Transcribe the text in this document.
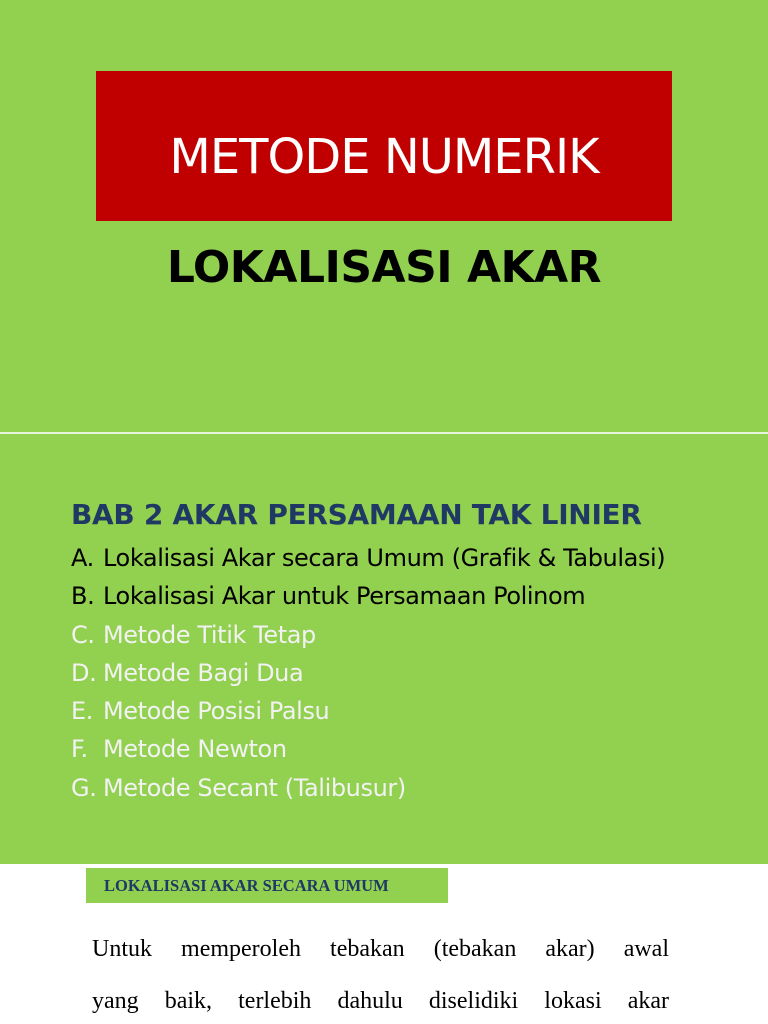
METODE NUMERIK
LOKALISASI AKAR
BAB 2 AKAR PERSAMAAN TAK LINIER
A. Lokalisasi Akar secara Umum (Grafik & Tabulasi)
B. Lokalisasi Akar untuk Persamaan Polinom
C. Metode Titik Tetap
D. Metode Bagi Dua
E. Metode Posisi Palsu
F. Metode Newton
G. Metode Secant (Talibusur)
LOKALISASI AKAR SECARA UMUM
Untuk memperoleh tebakan (tebakan akar) awal
yang baik, terlebih dahulu diselidiki lokasi akar
